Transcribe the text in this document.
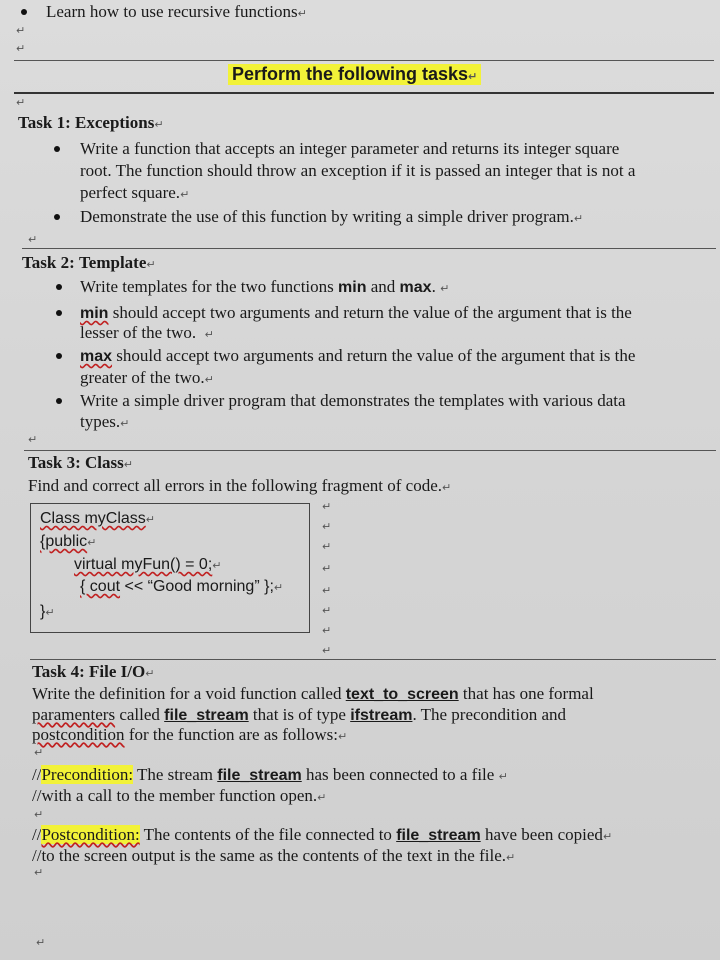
Learn how to use recursive functions↵
↵
↵
Perform the following tasks↵
↵
Task 1: Exceptions↵
Write a function that accepts an integer parameter and returns its integer square
root. The function should throw an exception if it is passed an integer that is not a
perfect square.↵
Demonstrate the use of this function by writing a simple driver program.↵
↵
Task 2: Template↵
Write templates for the two functions min and max. ↵
min should accept two arguments and return the value of the argument that is the
lesser of the two. ↵
max should accept two arguments and return the value of the argument that is the
greater of the two.↵
Write a simple driver program that demonstrates the templates with various data
types.↵
↵
Task 3: Class↵
Find and correct all errors in the following fragment of code.↵
Class myClass↵
{public↵
virtual myFun() = 0;↵
{ cout << “Good morning” };↵
}↵
↵
↵
↵
↵
↵
↵
↵
↵
Task 4: File I/O↵
Write the definition for a void function called text_to_screen that has one formal
paramenters called file_stream that is of type ifstream. The precondition and
postcondition for the function are as follows:↵
↵
//Precondition: The stream file_stream has been connected to a file ↵
//with a call to the member function open.↵
↵
//Postcondition: The contents of the file connected to file_stream have been copied↵
//to the screen output is the same as the contents of the text in the file.↵
↵
↵
